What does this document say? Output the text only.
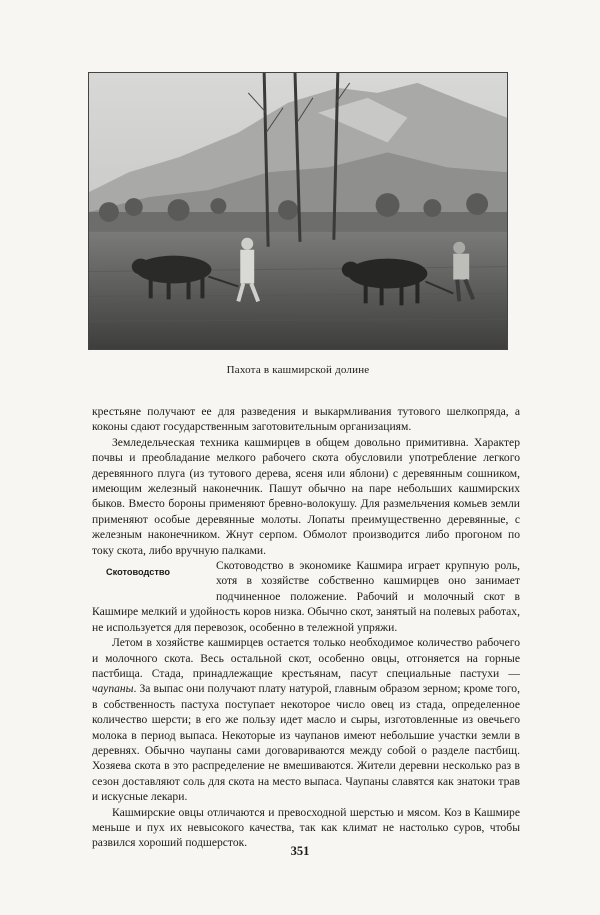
Пахота в кашмирской долине

крестьяне получают ее для разведения и выкармливания тутового шелкопряда, а коконы сдают государственным заготовительным организациям.

Земледельческая техника кашмирцев в общем довольно примитивна. Характер почвы и преобладание мелкого рабочего скота обусловили употребление легкого деревянного плуга (из тутового дерева, ясеня или яблони) с деревянным сошником, имеющим железный наконечник. Пашут обычно на паре небольших кашмирских быков. Вместо бороны применяют бревно-волокушу. Для размельчения комьев земли применяют особые деревянные молоты. Лопаты преимущественно деревянные, с железным наконечником. Жнут серпом. Обмолот производится либо прогоном по току скота, либо вручную палками.

Скотоводство	Скотоводство в экономике Кашмира играет крупную роль, хотя в хозяйстве собственно кашмирцев оно занимает подчиненное положение. Рабочий и молочный скот в Кашмире мелкий и удойность коров низка. Обычно скот, занятый на полевых работах, не используется для перевозок, особенно в тележной упряжи.

Летом в хозяйстве кашмирцев остается только необходимое количество рабочего и молочного скота. Весь остальной скот, особенно овцы, отгоняется на горные пастбища. Стада, принадлежащие крестьянам, пасут специальные пастухи — чаупаны. За выпас они получают плату натурой, главным образом зерном; кроме того, в собственность пастуха поступает некоторое число овец из стада, определенное количество шерсти; в его же пользу идет масло и сыры, изготовленные из овечьего молока в период выпаса. Некоторые из чаупанов имеют небольшие участки земли в деревнях. Обычно чаупаны сами договариваются между собой о разделе пастбищ. Хозяева скота в это распределение не вмешиваются. Жители деревни несколько раз в сезон доставляют соль для скота на место выпаса. Чаупаны славятся как знатоки трав и искусные лекари.

Кашмирские овцы отличаются и превосходной шерстью и мясом. Коз в Кашмире меньше и пух их невысокого качества, так как климат не настолько суров, чтобы развился хороший подшерсток.

351
